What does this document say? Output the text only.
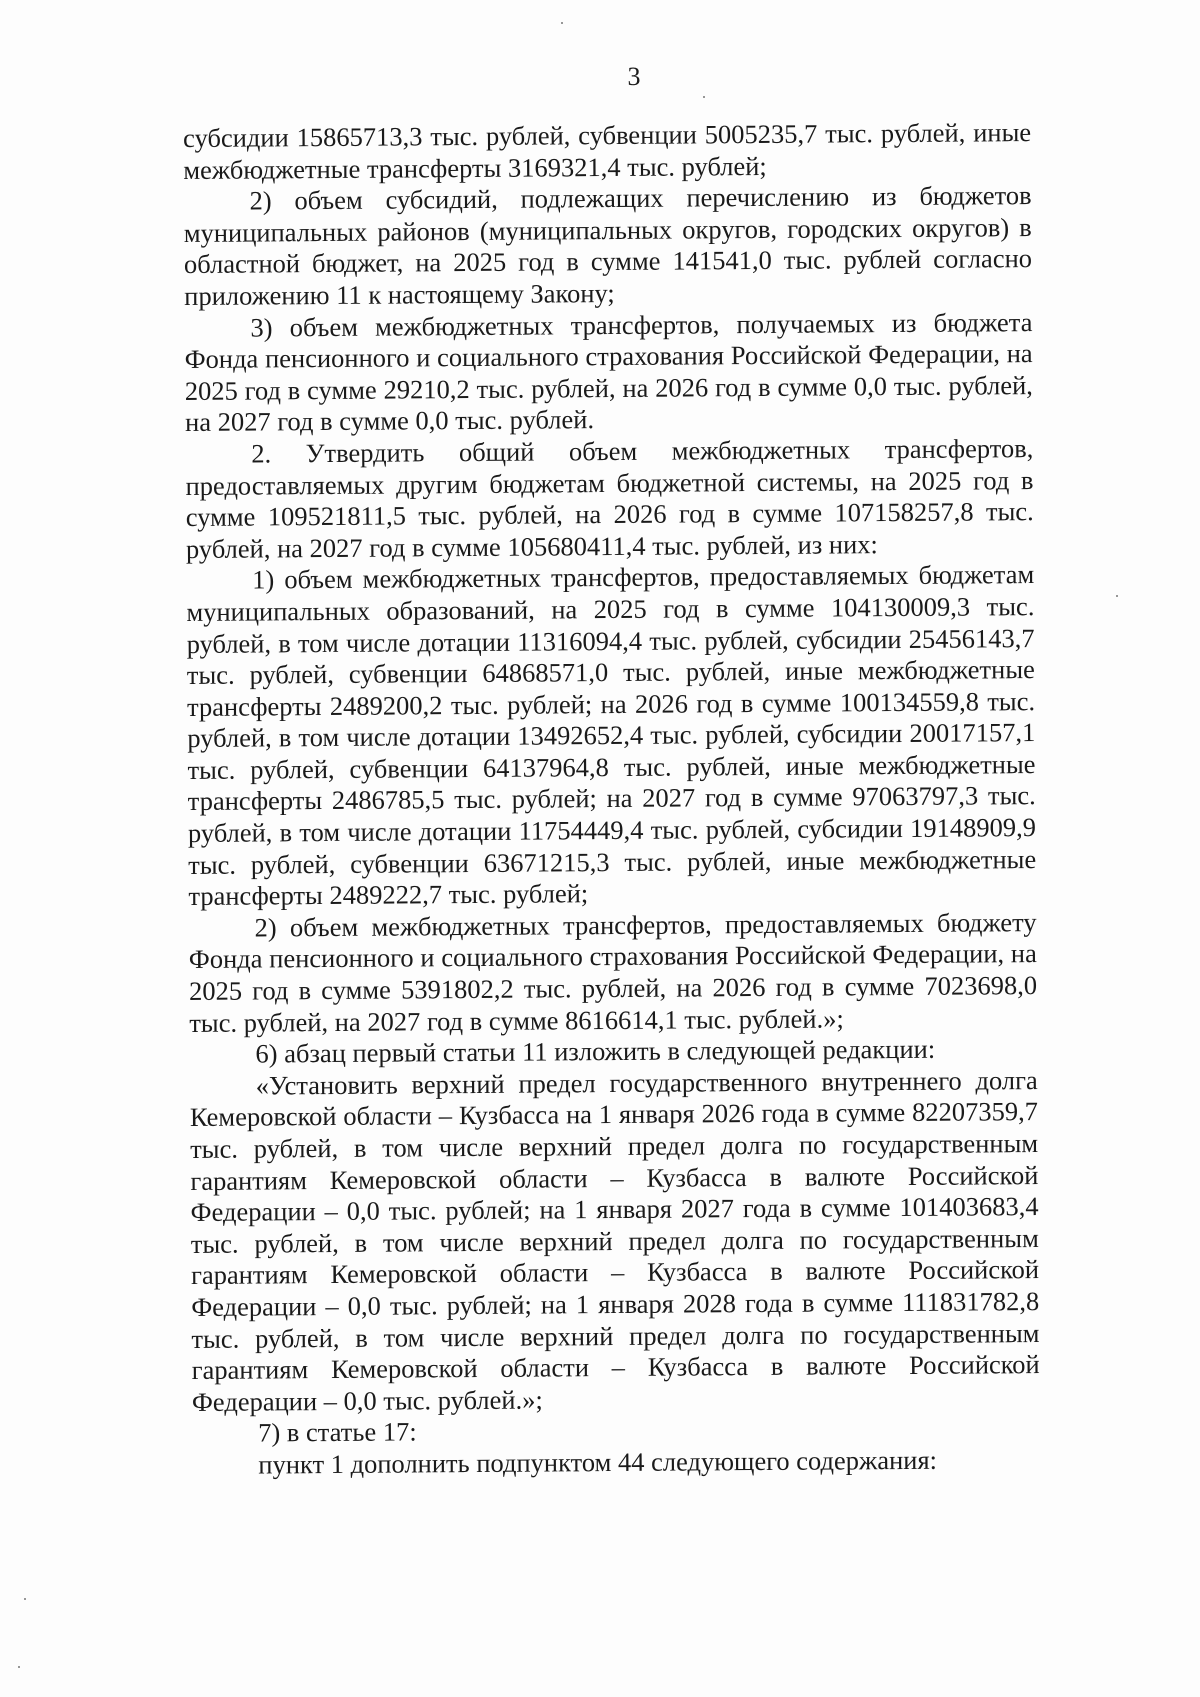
3

субсидии 15865713,3 тыс. рублей, субвенции 5005235,7 тыс. рублей, иные межбюджетные трансферты 3169321,4 тыс. рублей;

2) объем субсидий, подлежащих перечислению из бюджетов муниципальных районов (муниципальных округов, городских округов) в областной бюджет, на 2025 год в сумме 141541,0 тыс. рублей согласно приложению 11 к настоящему Закону;

3) объем межбюджетных трансфертов, получаемых из бюджета Фонда пенсионного и социального страхования Российской Федерации, на 2025 год в сумме 29210,2 тыс. рублей, на 2026 год в сумме 0,0 тыс. рублей, на 2027 год в сумме 0,0 тыс. рублей.

2. Утвердить общий объем межбюджетных трансфертов, предоставляемых другим бюджетам бюджетной системы, на 2025 год в сумме 109521811,5 тыс. рублей, на 2026 год в сумме 107158257,8 тыс. рублей, на 2027 год в сумме 105680411,4 тыс. рублей, из них:

1) объем межбюджетных трансфертов, предоставляемых бюджетам муниципальных образований, на 2025 год в сумме 104130009,3 тыс. рублей, в том числе дотации 11316094,4 тыс. рублей, субсидии 25456143,7 тыс. рублей, субвенции 64868571,0 тыс. рублей, иные межбюджетные трансферты 2489200,2 тыс. рублей; на 2026 год в сумме 100134559,8 тыс. рублей, в том числе дотации 13492652,4 тыс. рублей, субсидии 20017157,1 тыс. рублей, субвенции 64137964,8 тыс. рублей, иные межбюджетные трансферты 2486785,5 тыс. рублей; на 2027 год в сумме 97063797,3 тыс. рублей, в том числе дотации 11754449,4 тыс. рублей, субсидии 19148909,9 тыс. рублей, субвенции 63671215,3 тыс. рублей, иные межбюджетные трансферты 2489222,7 тыс. рублей;

2) объем межбюджетных трансфертов, предоставляемых бюджету Фонда пенсионного и социального страхования Российской Федерации, на 2025 год в сумме 5391802,2 тыс. рублей, на 2026 год в сумме 7023698,0 тыс. рублей, на 2027 год в сумме 8616614,1 тыс. рублей.»;

6) абзац первый статьи 11 изложить в следующей редакции:

«Установить верхний предел государственного внутреннего долга Кемеровской области – Кузбасса на 1 января 2026 года в сумме 82207359,7 тыс. рублей, в том числе верхний предел долга по государственным гарантиям Кемеровской области – Кузбасса в валюте Российской Федерации – 0,0 тыс. рублей; на 1 января 2027 года в сумме 101403683,4 тыс. рублей, в том числе верхний предел долга по государственным гарантиям Кемеровской области – Кузбасса в валюте Российской Федерации – 0,0 тыс. рублей; на 1 января 2028 года в сумме 111831782,8 тыс. рублей, в том числе верхний предел долга по государственным гарантиям Кемеровской области – Кузбасса в валюте Российской Федерации – 0,0 тыс. рублей.»;

7) в статье 17:

пункт 1 дополнить подпунктом 44 следующего содержания:
